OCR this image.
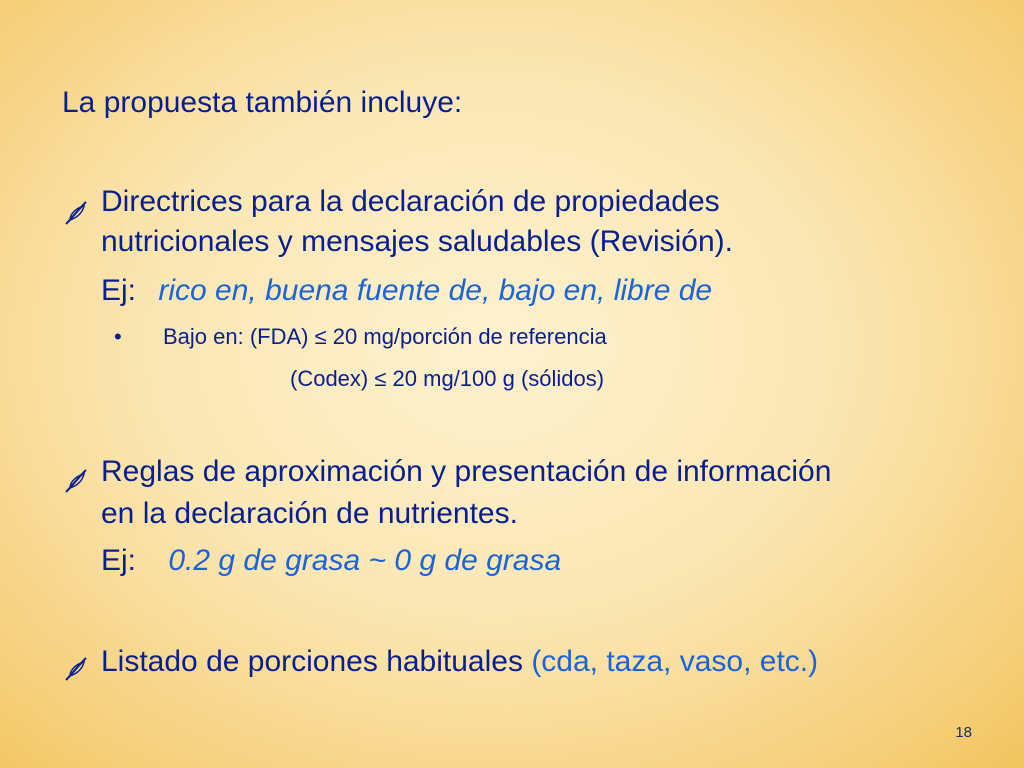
La propuesta también incluye:
Directrices para la declaración de propiedades
nutricionales y mensajes saludables (Revisión).
Ej: rico en, buena fuente de, bajo en, libre de
• Bajo en: (FDA) ≤ 20 mg/porción de referencia
(Codex) ≤ 20 mg/100 g (sólidos)
Reglas de aproximación y presentación de información
en la declaración de nutrientes.
Ej: 0.2 g de grasa ~ 0 g de grasa
Listado de porciones habituales (cda, taza, vaso, etc.)
18
